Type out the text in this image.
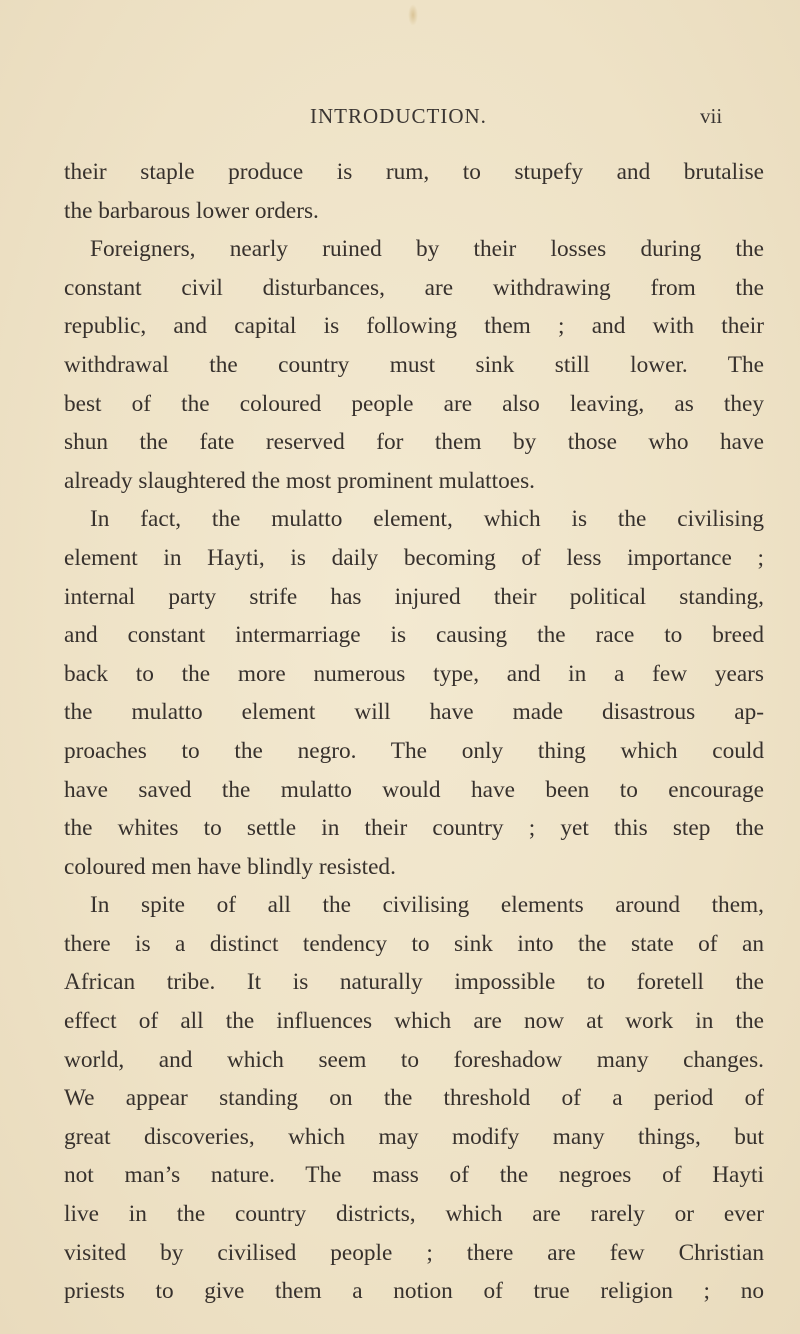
INTRODUCTION.	vii
their staple produce is rum, to stupefy and brutalise
the barbarous lower orders.
Foreigners, nearly ruined by their losses during the
constant civil disturbances, are withdrawing from the
republic, and capital is following them ; and with their
withdrawal the country must sink still lower. The
best of the coloured people are also leaving, as they
shun the fate reserved for them by those who have
already slaughtered the most prominent mulattoes.
In fact, the mulatto element, which is the civilising
element in Hayti, is daily becoming of less importance ;
internal party strife has injured their political standing,
and constant intermarriage is causing the race to breed
back to the more numerous type, and in a few years
the mulatto element will have made disastrous ap-
proaches to the negro. The only thing which could
have saved the mulatto would have been to encourage
the whites to settle in their country ; yet this step the
coloured men have blindly resisted.
In spite of all the civilising elements around them,
there is a distinct tendency to sink into the state of an
African tribe. It is naturally impossible to foretell the
effect of all the influences which are now at work in the
world, and which seem to foreshadow many changes.
We appear standing on the threshold of a period of
great discoveries, which may modify many things, but
not man’s nature. The mass of the negroes of Hayti
live in the country districts, which are rarely or ever
visited by civilised people ; there are few Christian
priests to give them a notion of true religion ; no
